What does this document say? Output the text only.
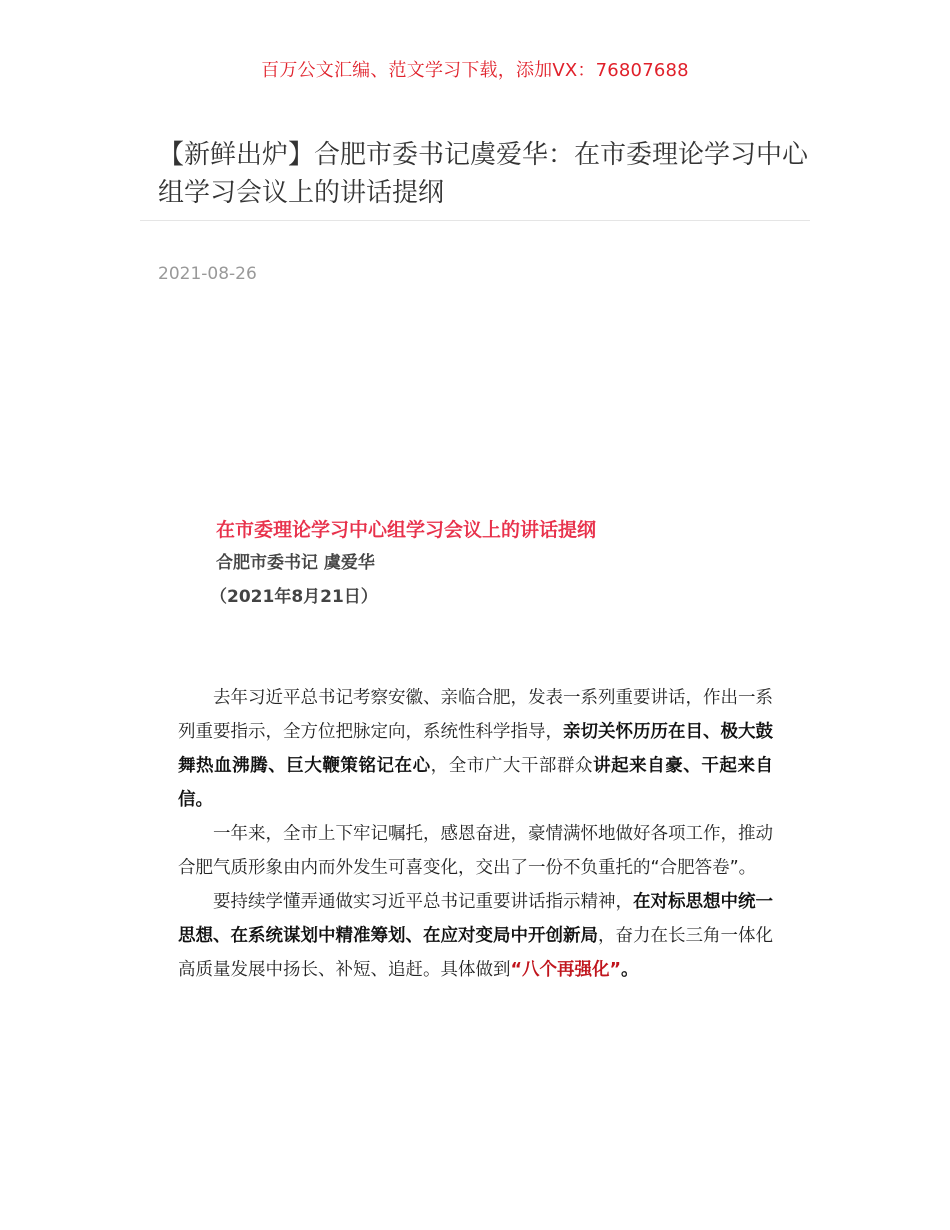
百万公文汇编、范文学习下载，添加VX：76807688
【新鲜出炉】合肥市委书记虞爱华：在市委理论学习中心组学习会议上的讲话提纲
2021-08-26
在市委理论学习中心组学习会议上的讲话提纲
合肥市委书记 虞爱华
（2021年8月21日）

去年习近平总书记考察安徽、亲临合肥，发表一系列重要讲话，作出一系列重要指示，全方位把脉定向，系统性科学指导，亲切关怀历历在目、极大鼓舞热血沸腾、巨大鞭策铭记在心，全市广大干部群众讲起来自豪、干起来自信。

一年来，全市上下牢记嘱托，感恩奋进，豪情满怀地做好各项工作，推动合肥气质形象由内而外发生可喜变化，交出了一份不负重托的“合肥答卷”。

要持续学懂弄通做实习近平总书记重要讲话指示精神，在对标思想中统一思想、在系统谋划中精准筹划、在应对变局中开创新局，奋力在长三角一体化高质量发展中扬长、补短、追赶。具体做到“八个再强化”。
